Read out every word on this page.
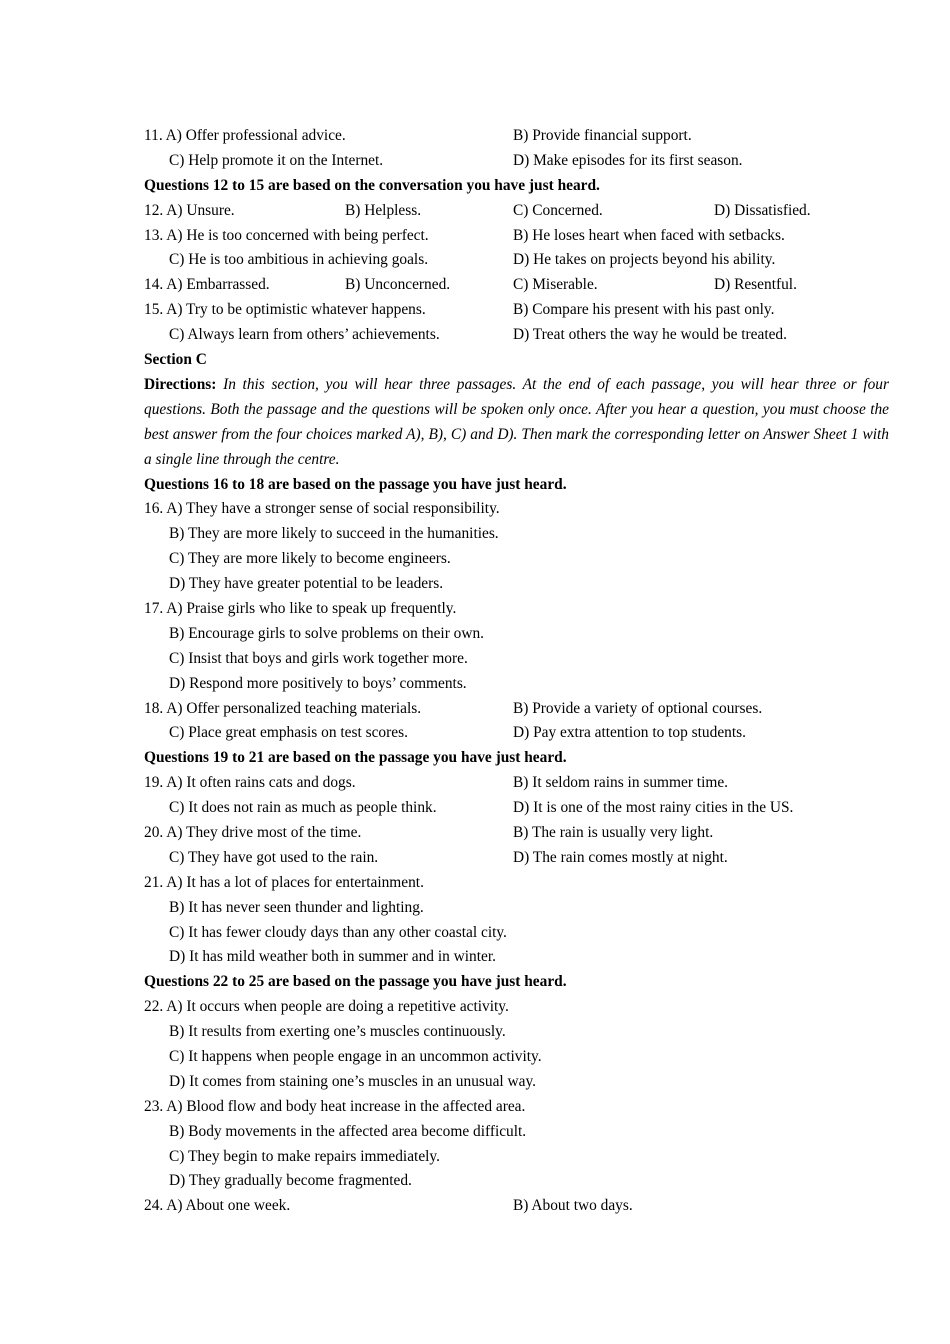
11. A) Offer professional advice.	B) Provide financial support.
C) Help promote it on the Internet.	D) Make episodes for its first season.
Questions 12 to 15 are based on the conversation you have just heard.
12. A) Unsure.	B) Helpless.	C) Concerned.	D) Dissatisfied.
13. A) He is too concerned with being perfect.	B) He loses heart when faced with setbacks.
C) He is too ambitious in achieving goals.	D) He takes on projects beyond his ability.
14. A) Embarrassed.	B) Unconcerned.	C) Miserable.	D) Resentful.
15. A) Try to be optimistic whatever happens.	B) Compare his present with his past only.
C) Always learn from others’ achievements.	D) Treat others the way he would be treated.
Section C
Directions: In this section, you will hear three passages. At the end of each passage, you will hear three or four questions. Both the passage and the questions will be spoken only once. After you hear a question, you must choose the best answer from the four choices marked A), B), C) and D). Then mark the corresponding letter on Answer Sheet 1 with a single line through the centre.
Questions 16 to 18 are based on the passage you have just heard.
16. A) They have a stronger sense of social responsibility.
B) They are more likely to succeed in the humanities.
C) They are more likely to become engineers.
D) They have greater potential to be leaders.
17. A) Praise girls who like to speak up frequently.
B) Encourage girls to solve problems on their own.
C) Insist that boys and girls work together more.
D) Respond more positively to boys’ comments.
18. A) Offer personalized teaching materials.	B) Provide a variety of optional courses.
C) Place great emphasis on test scores.	D) Pay extra attention to top students.
Questions 19 to 21 are based on the passage you have just heard.
19. A) It often rains cats and dogs.	B) It seldom rains in summer time.
C) It does not rain as much as people think.	D) It is one of the most rainy cities in the US.
20. A) They drive most of the time.	B) The rain is usually very light.
C) They have got used to the rain.	D) The rain comes mostly at night.
21. A) It has a lot of places for entertainment.
B) It has never seen thunder and lighting.
C) It has fewer cloudy days than any other coastal city.
D) It has mild weather both in summer and in winter.
Questions 22 to 25 are based on the passage you have just heard.
22. A) It occurs when people are doing a repetitive activity.
B) It results from exerting one’s muscles continuously.
C) It happens when people engage in an uncommon activity.
D) It comes from staining one’s muscles in an unusual way.
23. A) Blood flow and body heat increase in the affected area.
B) Body movements in the affected area become difficult.
C) They begin to make repairs immediately.
D) They gradually become fragmented.
24. A) About one week.	B) About two days.
